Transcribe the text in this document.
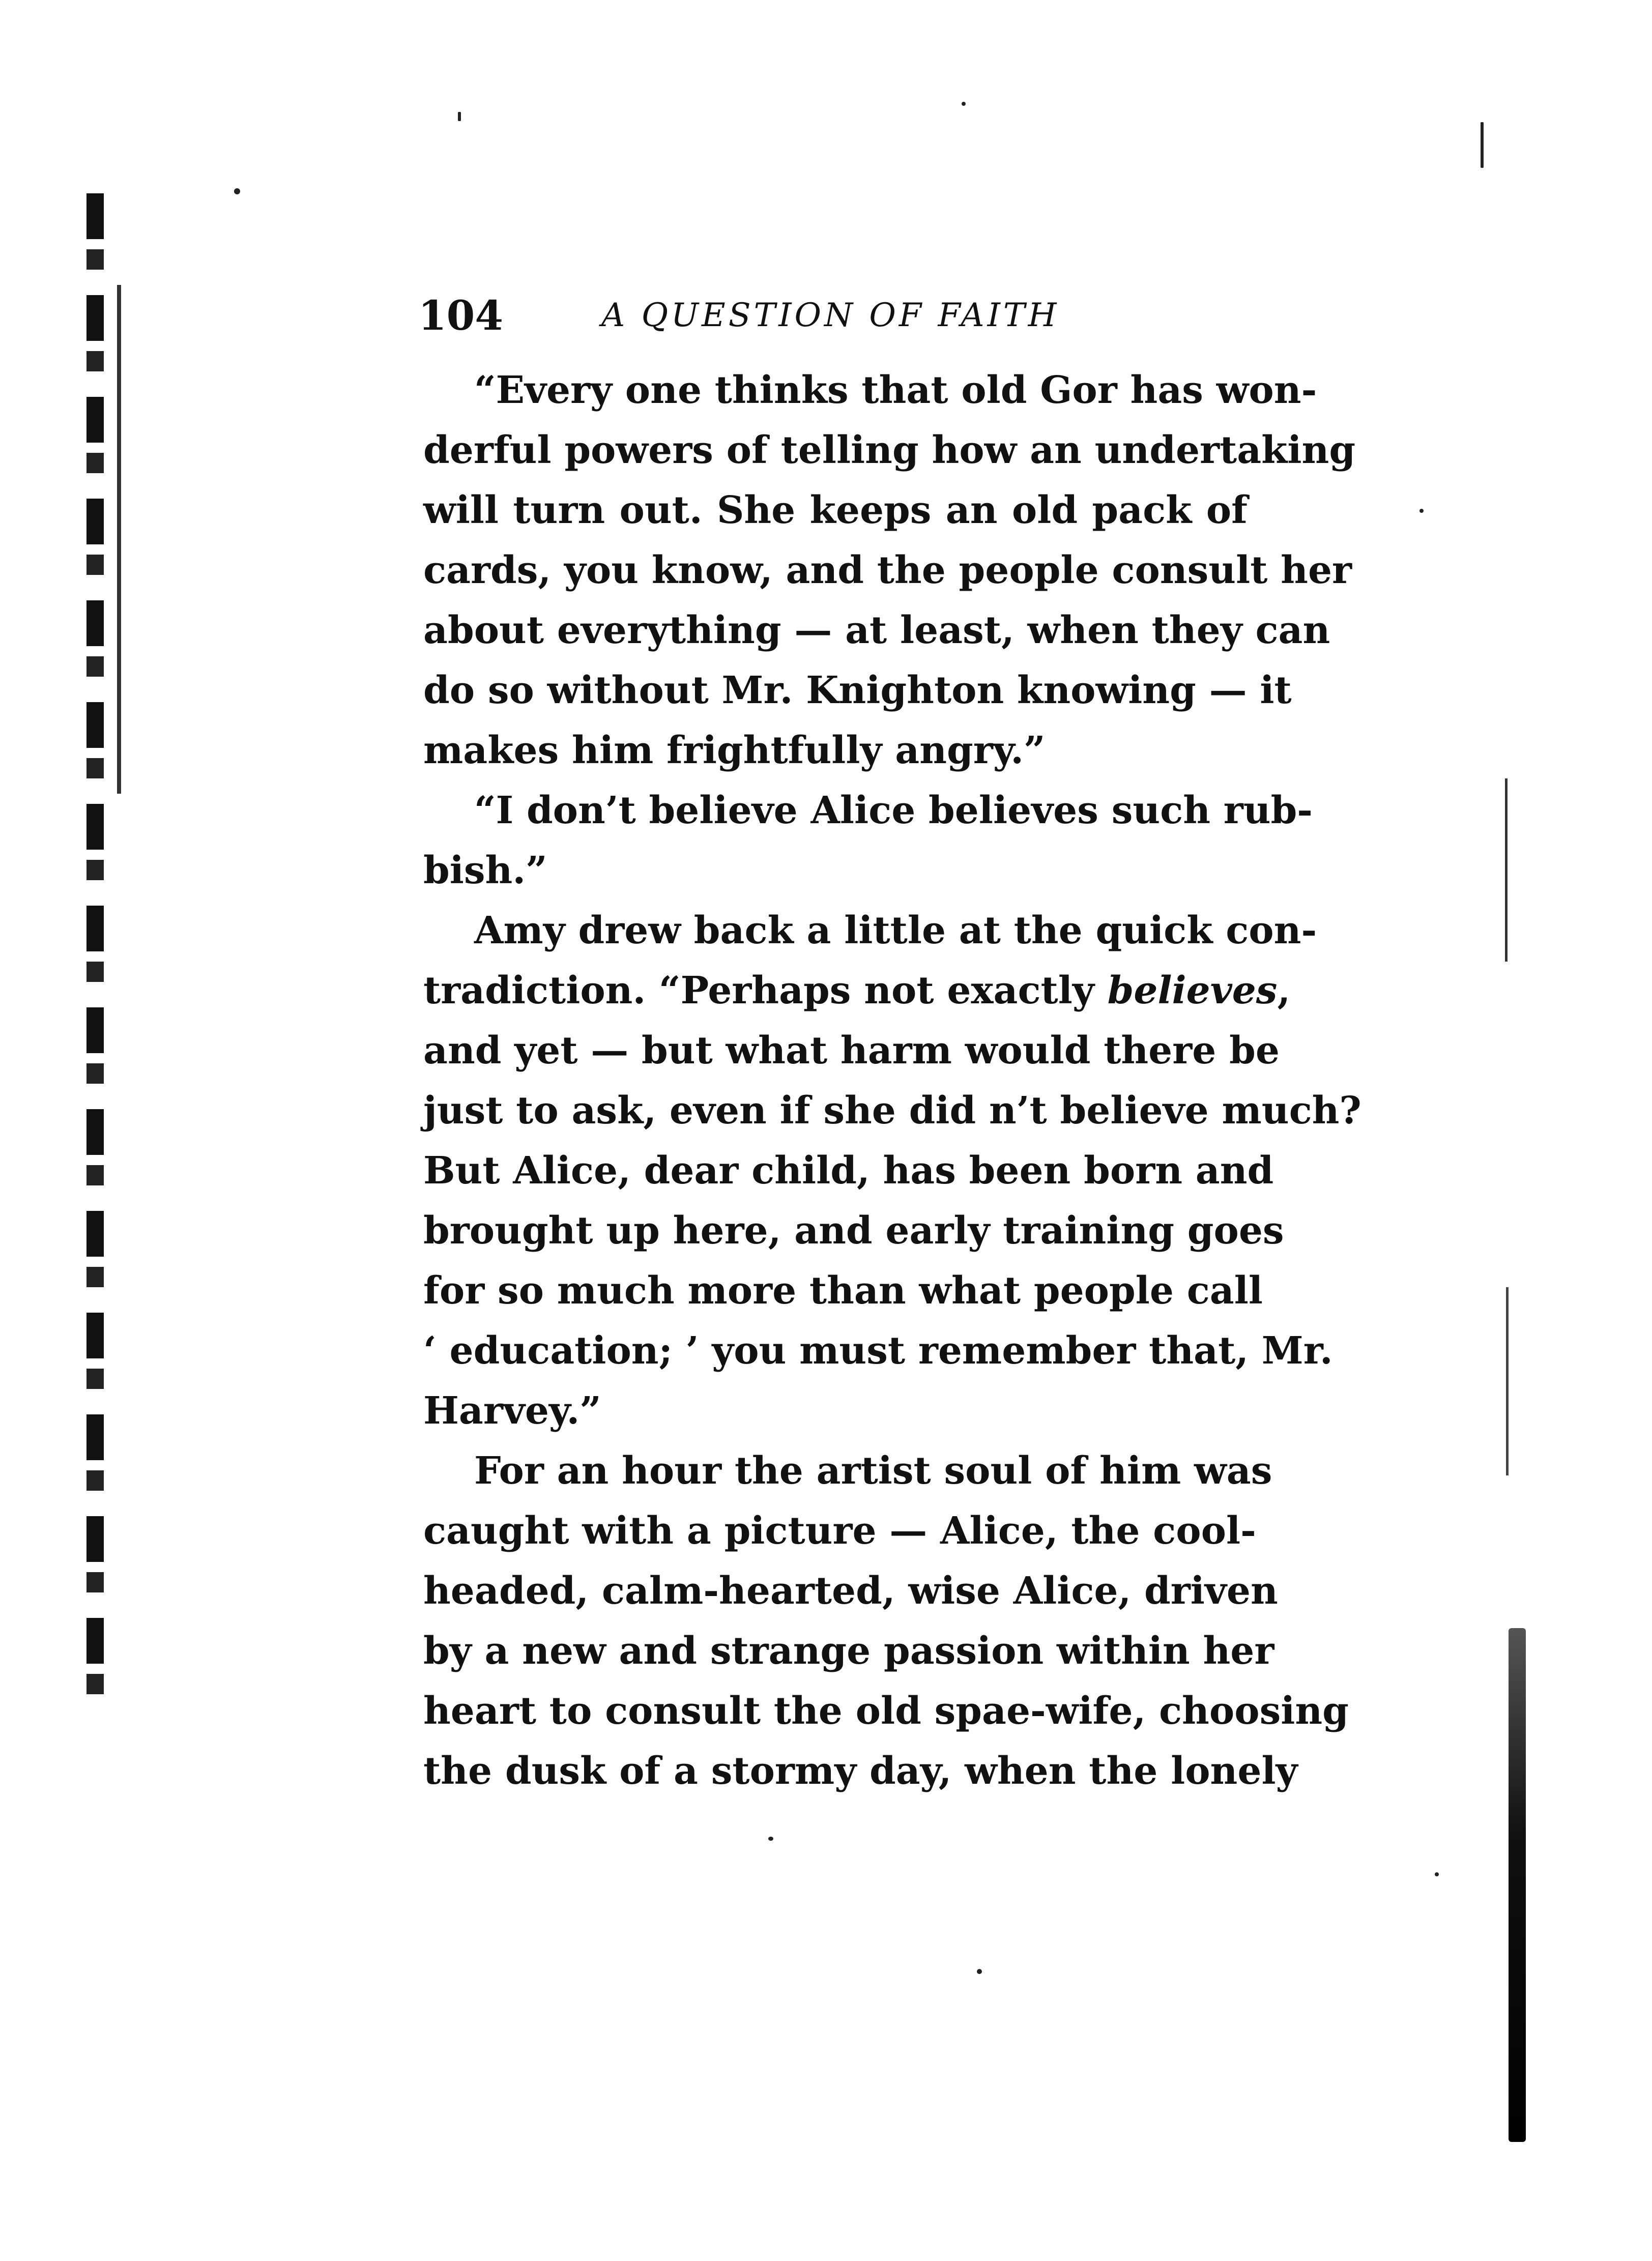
104	A QUESTION OF FAITH
“Every one thinks that old Gor has won-
derful powers of telling how an undertaking
will turn out. She keeps an old pack of
cards, you know, and the people consult her
about everything — at least, when they can
do so without Mr. Knighton knowing — it
makes him frightfully angry.”
“I don’t believe Alice believes such rub-
bish.”
Amy drew back a little at the quick con-
tradiction. “Perhaps not exactly believes,
and yet — but what harm would there be
just to ask, even if she did n’t believe much?
But Alice, dear child, has been born and
brought up here, and early training goes
for so much more than what people call
‘ education; ’ you must remember that, Mr.
Harvey.”
For an hour the artist soul of him was
caught with a picture — Alice, the cool-
headed, calm-hearted, wise Alice, driven
by a new and strange passion within her
heart to consult the old spae-wife, choosing
the dusk of a stormy day, when the lonely
